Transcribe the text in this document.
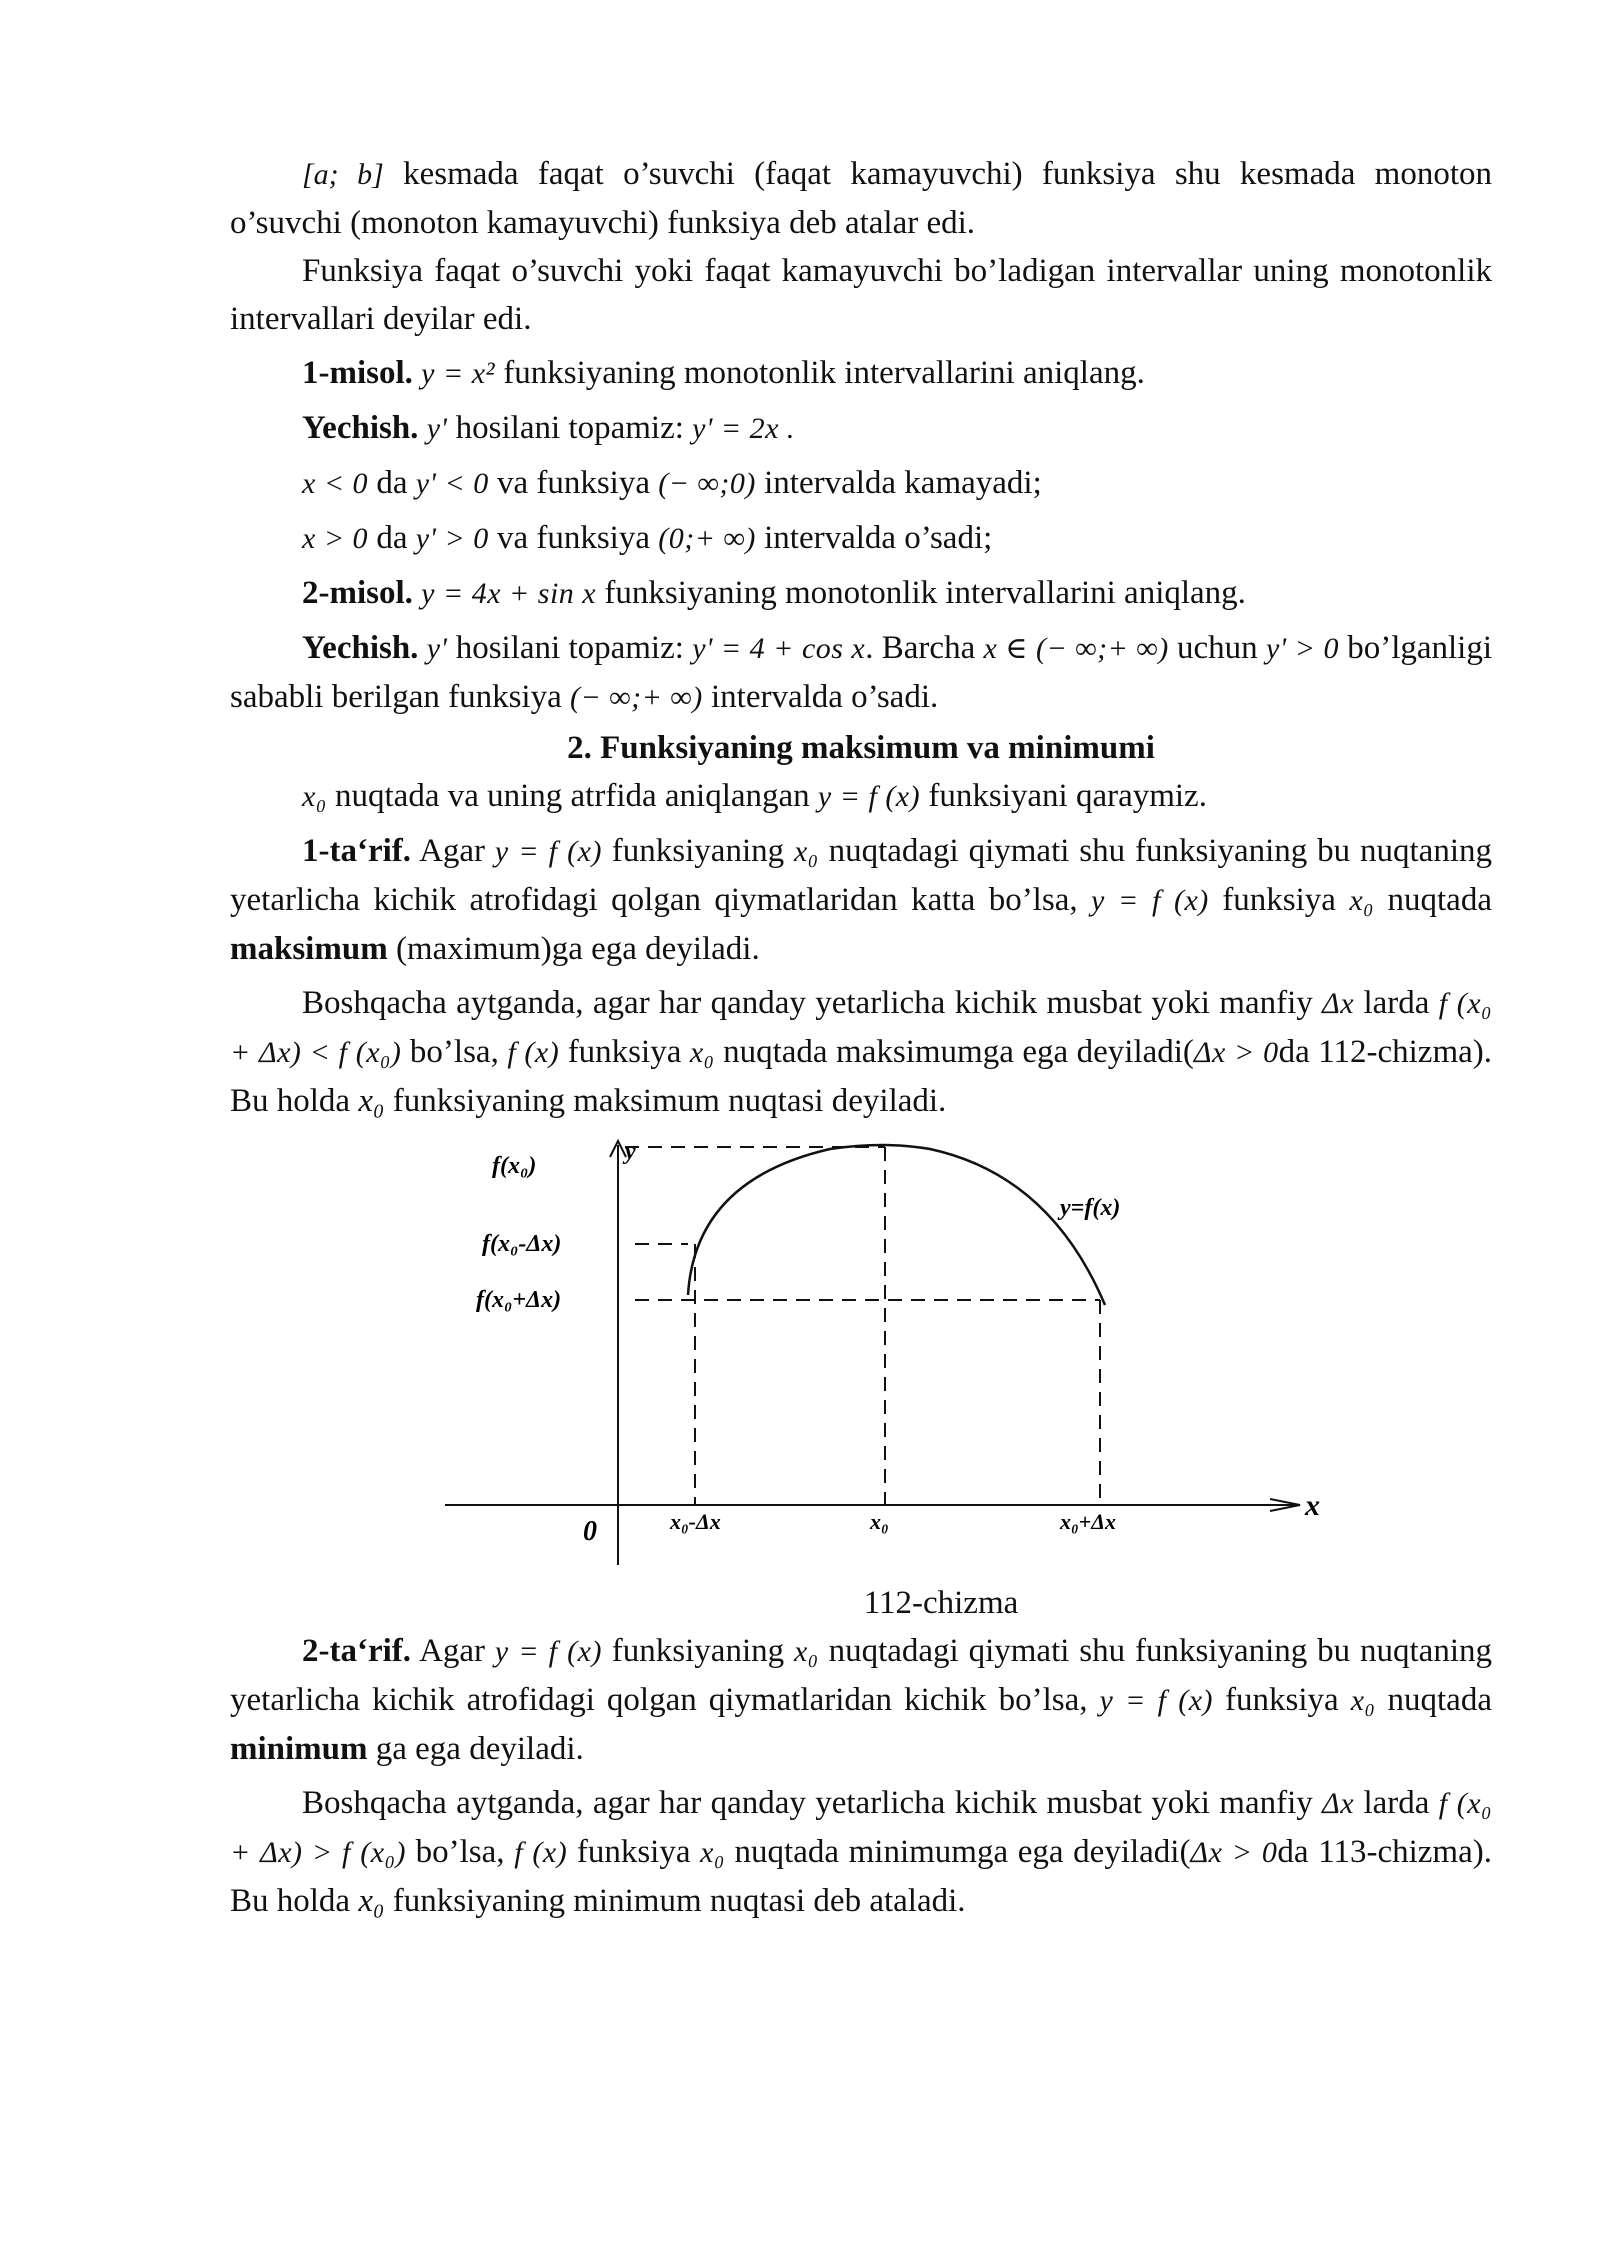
[a; b] kesmada faqat o’suvchi (faqat kamayuvchi) funksiya shu kesmada monoton o’suvchi (monoton kamayuvchi) funksiya deb atalar edi.

Funksiya faqat o’suvchi yoki faqat kamayuvchi bo’ladigan intervallar uning monotonlik intervallari deyilar edi.

1-misol. y = x² funksiyaning monotonlik intervallarini aniqlang.

Yechish. y' hosilani topamiz: y' = 2x .

x < 0 da y' < 0 va funksiya (− ∞;0) intervalda kamayadi;

x > 0 da y' > 0 va funksiya (0;+ ∞) intervalda o’sadi;

2-misol. y = 4x + sin x funksiyaning monotonlik intervallarini aniqlang.

Yechish. y' hosilani topamiz: y' = 4 + cos x. Barcha x ∈ (− ∞;+ ∞) uchun y' > 0 bo’lganligi sababli berilgan funksiya (− ∞;+ ∞) intervalda o’sadi.

2. Funksiyaning maksimum va minimumi

x₀ nuqtada va uning atrfida aniqlangan y = f (x) funksiyani qaraymiz.

1-ta‘rif. Agar y = f (x) funksiyaning x₀ nuqtadagi qiymati shu funksiyaning bu nuqtaning yetarlicha kichik atrofidagi qolgan qiymatlaridan katta bo’lsa, y = f (x) funksiya x₀ nuqtada maksimum (maximum)ga ega deyiladi.

Boshqacha aytganda, agar har qanday yetarlicha kichik musbat yoki manfiy Δx larda f (x₀ + Δx) < f (x₀) bo’lsa, f (x) funksiya x₀ nuqtada maksimumga ega deyiladi(Δx > 0da 112-chizma). Bu holda x₀ funksiyaning maksimum nuqtasi deyiladi.

f(x₀)
f(x₀-Δx)
f(x₀+Δx)
y
x
0
y=f(x)
x₀-Δx	x₀	x₀+Δx

112-chizma

2-ta‘rif. Agar y = f (x) funksiyaning x₀ nuqtadagi qiymati shu funksiyaning bu nuqtaning yetarlicha kichik atrofidagi qolgan qiymatlaridan kichik bo’lsa, y = f (x) funksiya x₀ nuqtada minimum ga ega deyiladi.

Boshqacha aytganda, agar har qanday yetarlicha kichik musbat yoki manfiy Δx larda f (x₀ + Δx) > f (x₀) bo’lsa, f (x) funksiya x₀ nuqtada minimumga ega deyiladi(Δx > 0da 113-chizma). Bu holda x₀ funksiyaning minimum nuqtasi deb ataladi.
